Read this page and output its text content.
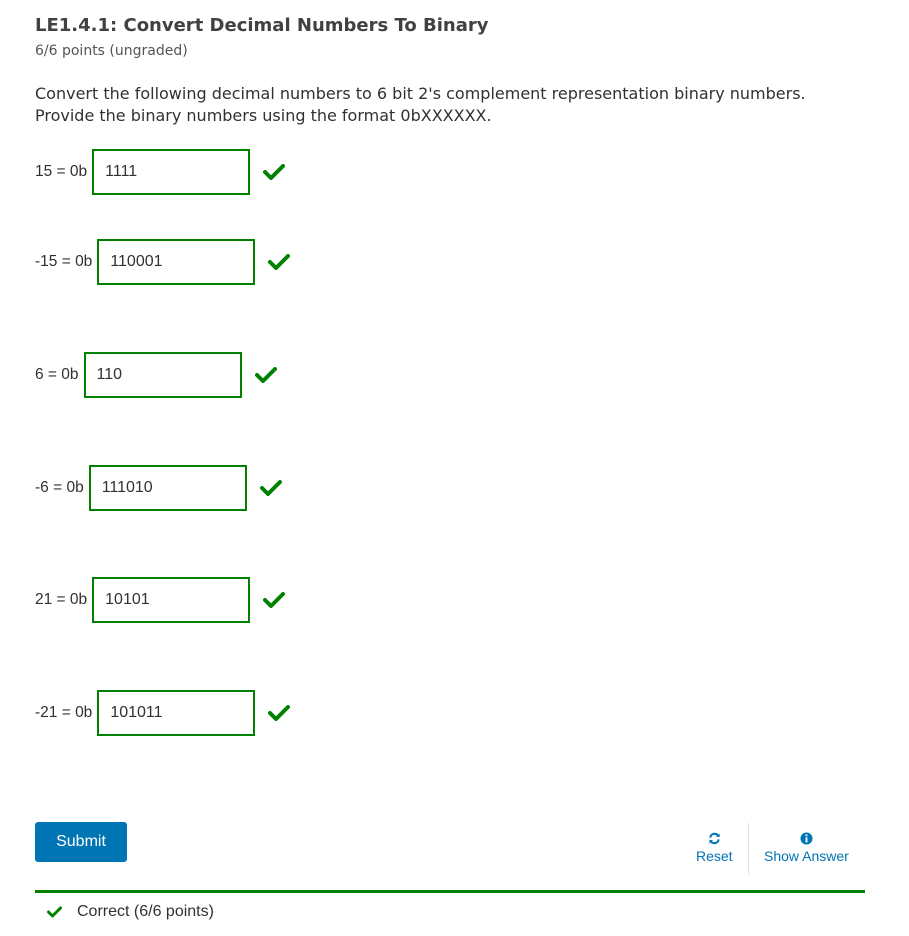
LE1.4.1: Convert Decimal Numbers To Binary
6/6 points (ungraded)
Convert the following decimal numbers to 6 bit 2's complement representation binary numbers. Provide the binary numbers using the format 0bXXXXXX.
15 = 0b
1111
-15 = 0b
110001
6 = 0b
110
-6 = 0b
111010
21 = 0b
10101
-21 = 0b
101011
Submit
Reset Show Answer
Correct (6/6 points)
